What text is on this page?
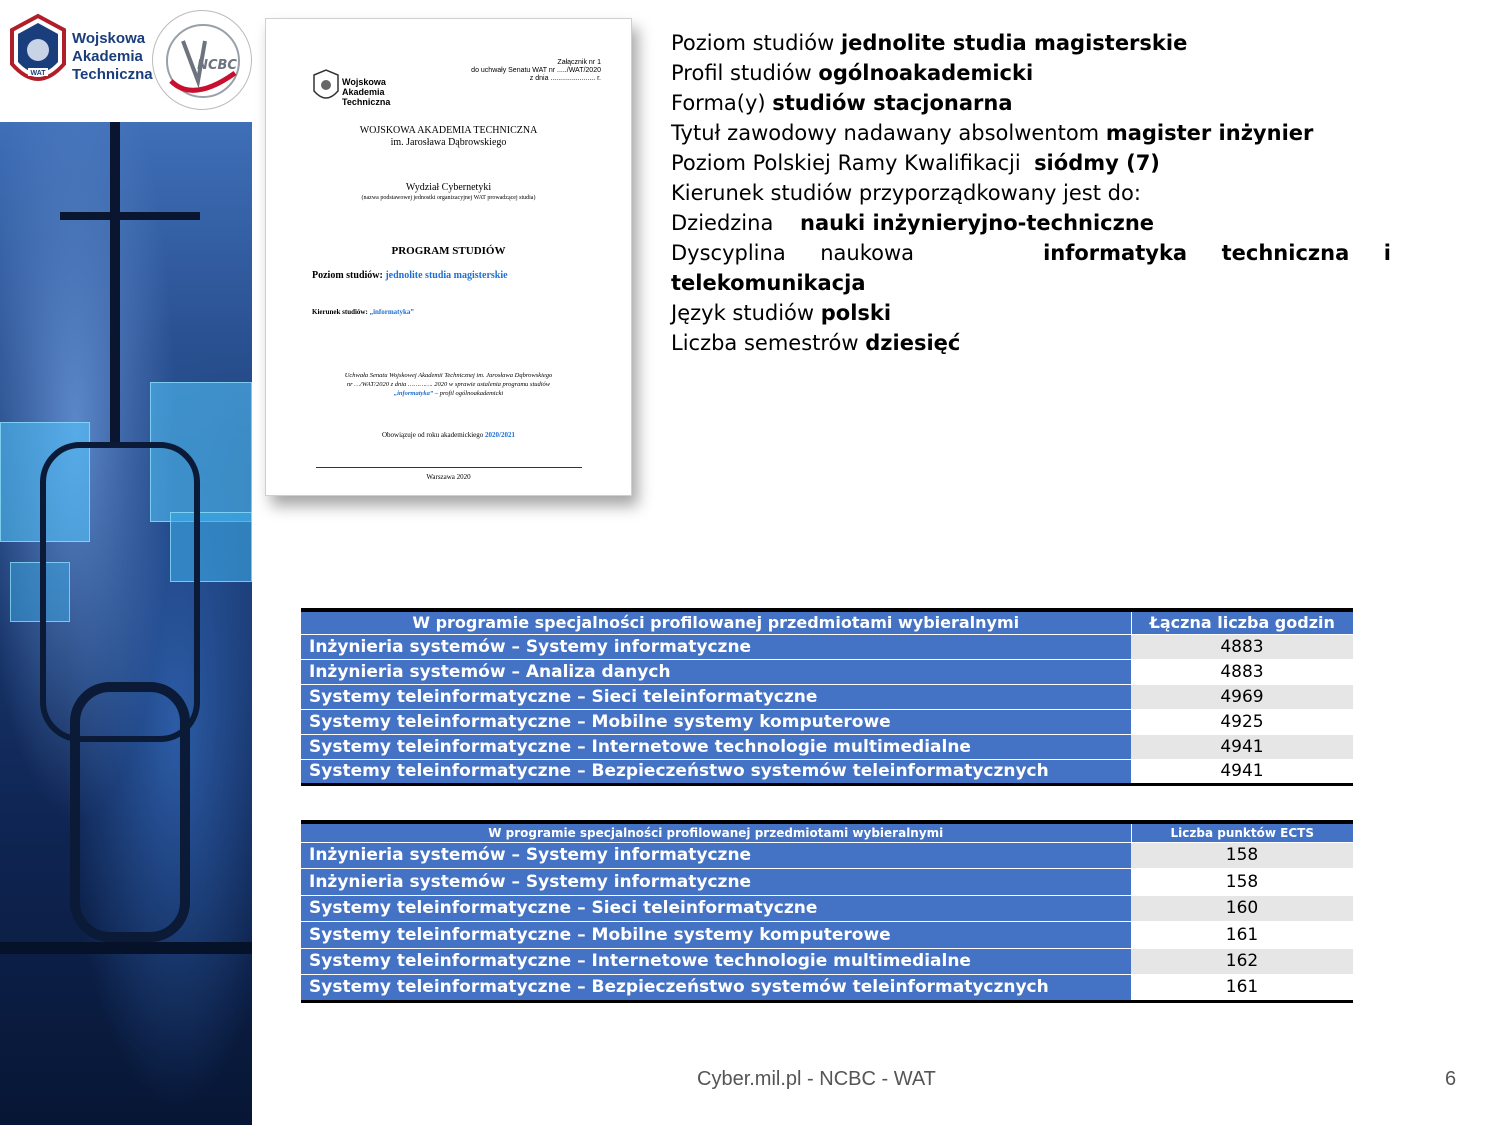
WAT
Wojskowa
Akademia
Techniczna
NCBC	Załącznik nr 1
do uchwały Senatu WAT nr ...../WAT/2020
z dnia ....................... r.
Wojskowa
Akademia
Techniczna
WOJSKOWA AKADEMIA TECHNICZNA
im. Jarosława Dąbrowskiego
Wydział Cybernetyki
(nazwa podstawowej jednostki organizacyjnej WAT prowadzącej studia)
PROGRAM STUDIÓW
Poziom studiów: jednolite studia magisterskie
Kierunek studiów: „informatyka”
Uchwała Senatu Wojskowej Akademii Technicznej im. Jarosława Dąbrowskiego
nr …/WAT/2020 z dnia …………. 2020 w sprawie ustalenia programu studiów
„informatyka” – profil ogólnoakademicki
Obowiązuje od roku akademickiego 2020/2021
Warszawa 2020
Poziom studiów jednolite studia magisterskie
Profil studiów ogólnoakademicki
Forma(y) studiów stacjonarna
Tytuł zawodowy nadawany absolwentom magister inżynier
Poziom Polskiej Ramy Kwalifikacji  siódmy (7)
Kierunek studiów przyporządkowany jest do:
Dziedzina    nauki inżynieryjno-techniczne
Dyscyplina naukowa	informatyka techniczna i
telekomunikacja
Język studiów polski
Liczba semestrów dziesięć
W programie specjalności profilowanej przedmiotami wybieralnymi	Łączna liczba godzin
Inżynieria systemów – Systemy informatyczne	4883
Inżynieria systemów – Analiza danych	4883
Systemy teleinformatyczne – Sieci teleinformatyczne	4969
Systemy teleinformatyczne – Mobilne systemy komputerowe	4925
Systemy teleinformatyczne – Internetowe technologie multimedialne	4941
Systemy teleinformatyczne – Bezpieczeństwo systemów teleinformatycznych	4941
W programie specjalności profilowanej przedmiotami wybieralnymi	Liczba punktów ECTS
Inżynieria systemów – Systemy informatyczne	158
Inżynieria systemów – Systemy informatyczne	158
Systemy teleinformatyczne – Sieci teleinformatyczne	160
Systemy teleinformatyczne – Mobilne systemy komputerowe	161
Systemy teleinformatyczne – Internetowe technologie multimedialne	162
Systemy teleinformatyczne – Bezpieczeństwo systemów teleinformatycznych	161
Cyber.mil.pl - NCBC - WAT	6
